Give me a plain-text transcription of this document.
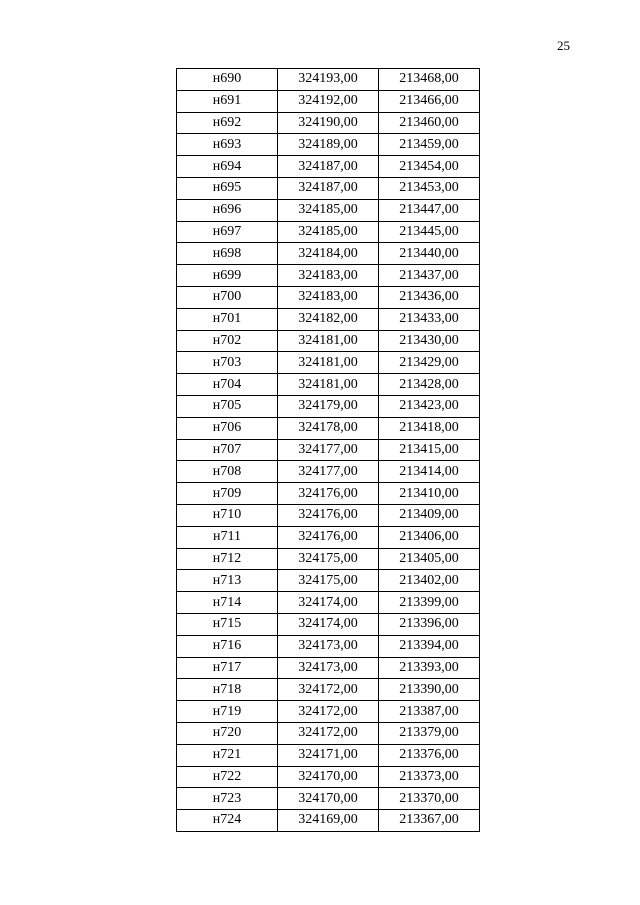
25
н690	324193,00	213468,00
н691	324192,00	213466,00
н692	324190,00	213460,00
н693	324189,00	213459,00
н694	324187,00	213454,00
н695	324187,00	213453,00
н696	324185,00	213447,00
н697	324185,00	213445,00
н698	324184,00	213440,00
н699	324183,00	213437,00
н700	324183,00	213436,00
н701	324182,00	213433,00
н702	324181,00	213430,00
н703	324181,00	213429,00
н704	324181,00	213428,00
н705	324179,00	213423,00
н706	324178,00	213418,00
н707	324177,00	213415,00
н708	324177,00	213414,00
н709	324176,00	213410,00
н710	324176,00	213409,00
н711	324176,00	213406,00
н712	324175,00	213405,00
н713	324175,00	213402,00
н714	324174,00	213399,00
н715	324174,00	213396,00
н716	324173,00	213394,00
н717	324173,00	213393,00
н718	324172,00	213390,00
н719	324172,00	213387,00
н720	324172,00	213379,00
н721	324171,00	213376,00
н722	324170,00	213373,00
н723	324170,00	213370,00
н724	324169,00	213367,00
